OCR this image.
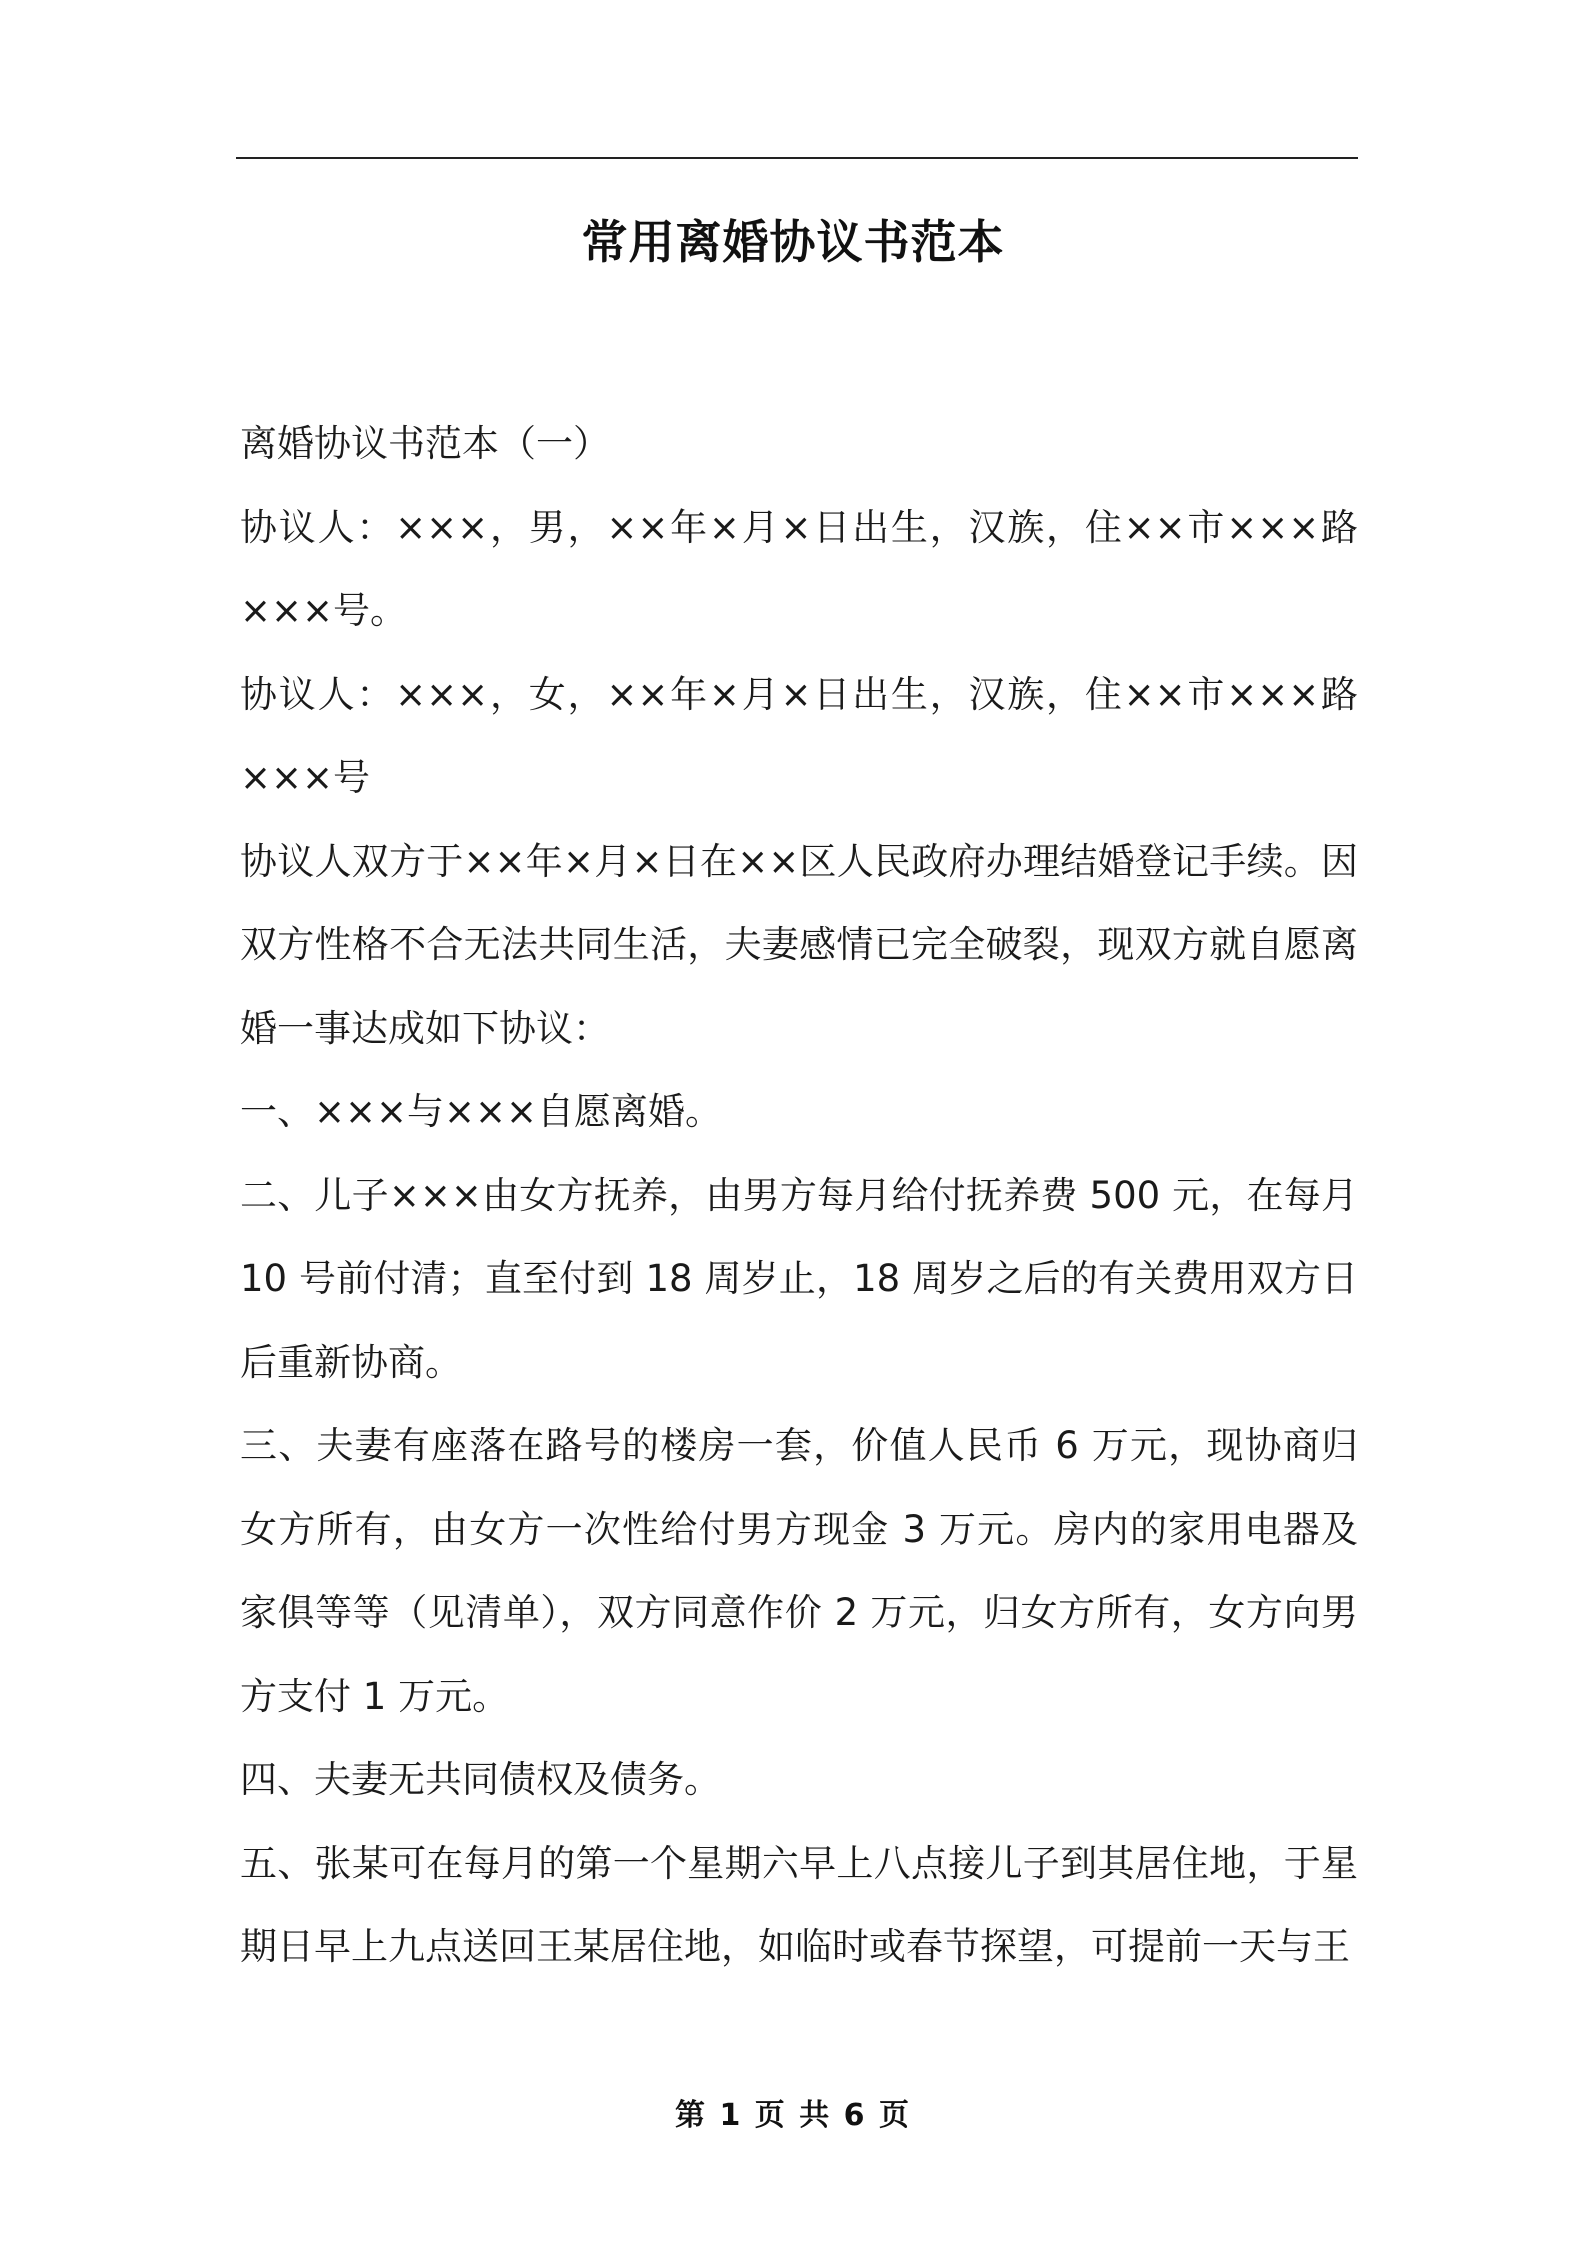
常用离婚协议书范本

离婚协议书范本（一）

协议人：×××，男，××年×月×日出生，汉族，住××市×××路×××号。

协议人：×××，女，××年×月×日出生，汉族，住××市×××路×××号

协议人双方于××年×月×日在××区人民政府办理结婚登记手续。因双方性格不合无法共同生活，夫妻感情已完全破裂，现双方就自愿离婚一事达成如下协议：

一、×××与×××自愿离婚。

二、儿子×××由女方抚养，由男方每月给付抚养费 500 元，在每月 10 号前付清；直至付到 18 周岁止，18 周岁之后的有关费用双方日后重新协商。

三、夫妻有座落在路号的楼房一套，价值人民币 6 万元，现协商归女方所有，由女方一次性给付男方现金 3 万元。房内的家用电器及家俱等等（见清单），双方同意作价 2 万元，归女方所有，女方向男方支付 1 万元。

四、夫妻无共同债权及债务。

五、张某可在每月的第一个星期六早上八点接儿子到其居住地，于星期日早上九点送回王某居住地，如临时或春节探望，可提前一天与王

第 1 页 共 6 页
